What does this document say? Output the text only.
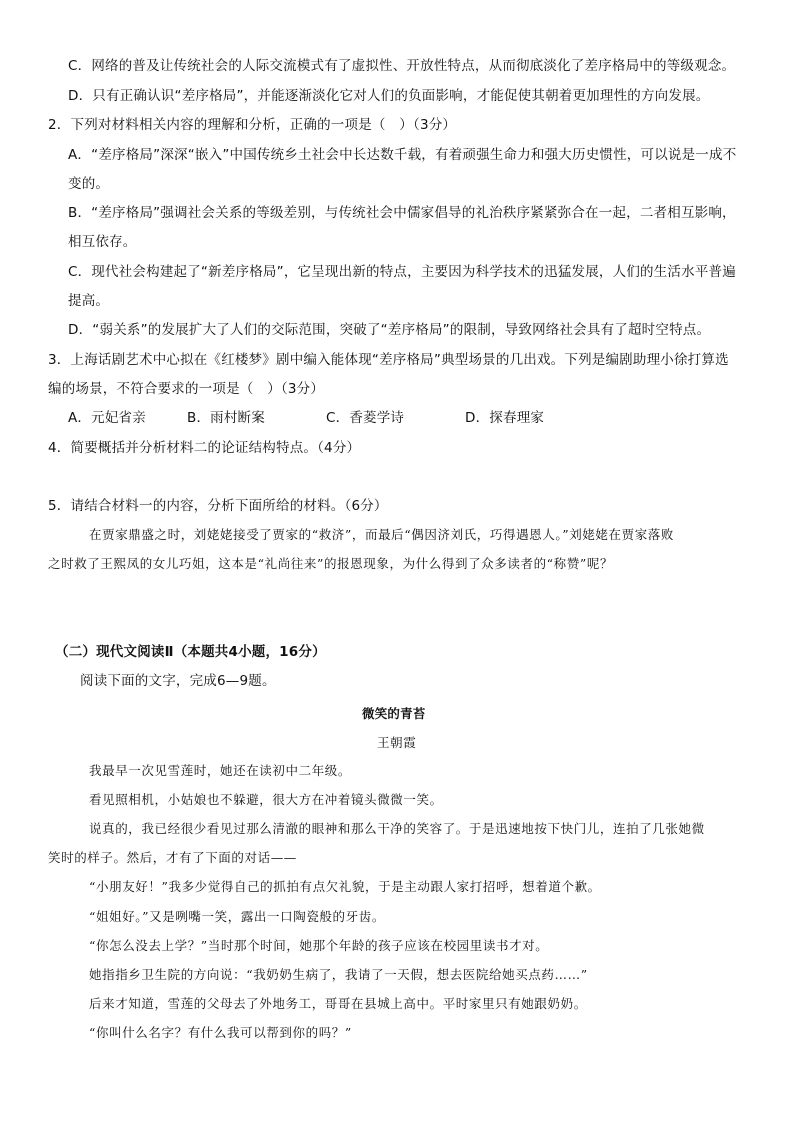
C．网络的普及让传统社会的人际交流模式有了虚拟性、开放性特点，从而彻底淡化了差序格局中的等级观念。
D．只有正确认识“差序格局”，并能逐渐淡化它对人们的负面影响，才能促使其朝着更加理性的方向发展。
2．下列对材料相关内容的理解和分析，正确的一项是（　）（3分）
A．“差序格局”深深“嵌入”中国传统乡土社会中长达数千载，有着顽强生命力和强大历史惯性，可以说是一成不
变的。
B．“差序格局”强调社会关系的等级差别，与传统社会中儒家倡导的礼治秩序紧紧弥合在一起，二者相互影响，
相互依存。
C．现代社会构建起了“新差序格局”，它呈现出新的特点，主要因为科学技术的迅猛发展，人们的生活水平普遍
提高。
D．“弱关系”的发展扩大了人们的交际范围，突破了“差序格局”的限制，导致网络社会具有了超时空特点。
3．上海话剧艺术中心拟在《红楼梦》剧中编入能体现“差序格局”典型场景的几出戏。下列是编剧助理小徐打算选
编的场景，不符合要求的一项是（　）（3分）
A．元妃省亲	B．雨村断案	C．香菱学诗	D．探春理家
4．简要概括并分析材料二的论证结构特点。（4分）
5．请结合材料一的内容，分析下面所给的材料。（6分）
在贾家鼎盛之时，刘姥姥接受了贾家的“救济”，而最后“偶因济刘氏，巧得遇恩人。”刘姥姥在贾家落败
之时救了王熙凤的女儿巧姐，这本是“礼尚往来”的报恩现象，为什么得到了众多读者的“称赞”呢？
（二）现代文阅读Ⅱ（本题共4小题，16分）
阅读下面的文字，完成6—9题。
微笑的青苔
王朝霞
我最早一次见雪莲时，她还在读初中二年级。
看见照相机，小姑娘也不躲避，很大方在冲着镜头微微一笑。
说真的，我已经很少看见过那么清澈的眼神和那么干净的笑容了。于是迅速地按下快门儿，连拍了几张她微
笑时的样子。然后，才有了下面的对话——
“小朋友好！”我多少觉得自己的抓拍有点欠礼貌，于是主动跟人家打招呼，想着道个歉。
“姐姐好。”又是咧嘴一笑，露出一口陶瓷般的牙齿。
“你怎么没去上学？”当时那个时间，她那个年龄的孩子应该在校园里读书才对。
她指指乡卫生院的方向说：“我奶奶生病了，我请了一天假，想去医院给她买点药……”
后来才知道，雪莲的父母去了外地务工，哥哥在县城上高中。平时家里只有她跟奶奶。
“你叫什么名字？有什么我可以帮到你的吗？”
